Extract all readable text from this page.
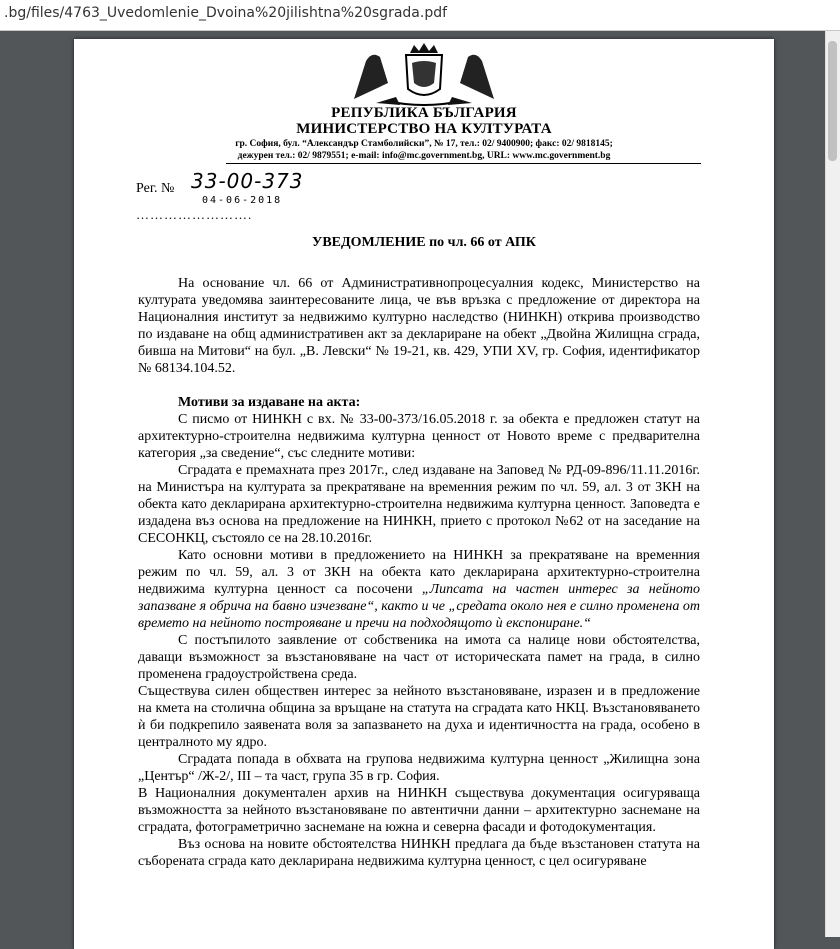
.bg/files/4763_Uvedomlenie_Dvoina%20jilishtna%20sgrada.pdf
РЕПУБЛИКА БЪЛГАРИЯ
МИНИСТЕРСТВО НА КУЛТУРАТА
гр. София, бул. “Александър Стамболийски”, № 17, тел.: 02/ 9400900; факс: 02/ 9818145;
дежурен тел.: 02/ 9879551; e-mail: info@mc.government.bg, URL: www.mc.government.bg
Рег. № 33-00-373
04-06-2018
…………………….
УВЕДОМЛЕНИЕ по чл. 66 от АПК

На основание чл. 66 от Административнопроцесуалния кодекс, Министерство на културата уведомява заинтересованите лица, че във връзка с предложение от директора на Националния институт за недвижимо културно наследство (НИНКН) открива производство по издаване на общ административен акт за деклариране на обект „Двойна Жилищна сграда, бивша на Митови“ на бул. „В. Левски“ № 19-21, кв. 429, УПИ XV, гр. София, идентификатор № 68134.104.52.

Мотиви за издаване на акта:

С писмо от НИНКН с вх. № 33-00-373/16.05.2018 г. за обекта е предложен статут на архитектурно-строителна недвижима културна ценност от Новото време с предварителна категория „за сведение“, със следните мотиви:

Сградата е премахната през 2017г., след издаване на Заповед № РД-09-896/11.11.2016г. на Министъра на културата за прекратяване на временния режим по чл. 59, ал. 3 от ЗКН на обекта като декларирана архитектурно-строителна недвижима културна ценност. Заповедта е издадена въз основа на предложение на НИНКН, прието с протокол №62 от на заседание на СЕСОНКЦ, състояло се на 28.10.2016г.

Като основни мотиви в предложението на НИНКН за прекратяване на временния режим по чл. 59, ал. 3 от ЗКН на обекта като декларирана архитектурно-строителна недвижима културна ценност са посочени „Липсата на частен интерес за нейното запазване я обрича на бавно изчезване“, както и че „средата около нея е силно променена от времето на нейното построяване и пречи на подходящото ѝ експониране.“

С постъпилото заявление от собственика на имота са налице нови обстоятелства, даващи възможност за възстановяване на част от историческата памет на града, в силно променена градоустройствена среда.

Съществува силен обществен интерес за нейното възстановяване, изразен и в предложение на кмета на столична община за връщане на статута на сградата като НКЦ. Възстановяването ѝ би подкрепило заявената воля за запазването на духа и идентичността на града, особено в централното му ядро.

Сградата попада в обхвата на групова недвижима културна ценност „Жилищна зона „Център“ /Ж-2/, III – та част, група 35 в гр. София.

В Националния документален архив на НИНКН съществува документация осигуряваща възможността за нейното възстановяване по автентични данни – архитектурно заснемане на сградата, фотограметрично заснемане на южна и северна фасади и фотодокументация.

Въз основа на новите обстоятелства НИНКН предлага да бъде възстановен статута на съборената сграда като декларирана недвижима културна ценност, с цел осигуряване
